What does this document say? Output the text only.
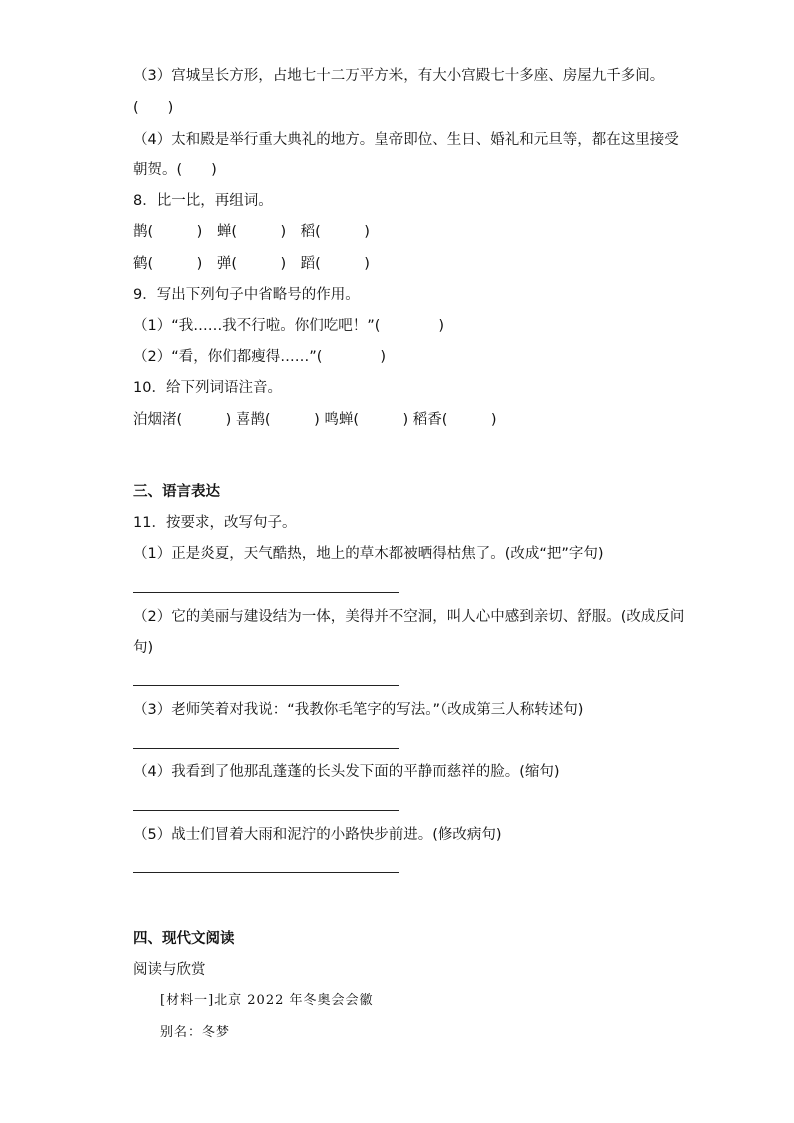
（3）宫城呈长方形，占地七十二万平方米，有大小宫殿七十多座、房屋九千多间。
(　　)
（4）太和殿是举行重大典礼的地方。皇帝即位、生日、婚礼和元旦等，都在这里接受
朝贺。(　　)
8．比一比，再组词。
鹊(　　　)　蝉(　　　)　稻(　　　)
鹤(　　　)　弹(　　　)　蹈(　　　)
9．写出下列句子中省略号的作用。
（1）“我……我不行啦。你们吃吧！”(　　　　)
（2）“看，你们都瘦得……”(　　　　)
10．给下列词语注音。
泊烟渚(　　　) 喜鹊(　　　) 鸣蝉(　　　) 稻香(　　　)
三、语言表达
11．按要求，改写句子。
（1）正是炎夏，天气酷热，地上的草木都被晒得枯焦了。(改成“把”字句)
（2）它的美丽与建设结为一体，美得并不空洞，叫人心中感到亲切、舒服。(改成反问
句)
（3）老师笑着对我说：“我教你毛笔字的写法。”（改成第三人称转述句)
（4）我看到了他那乱蓬蓬的长头发下面的平静而慈祥的脸。(缩句)
（5）战士们冒着大雨和泥泞的小路快步前进。(修改病句)
四、现代文阅读
阅读与欣赏
[材料一]北京 2022 年冬奥会会徽
别名：冬梦
